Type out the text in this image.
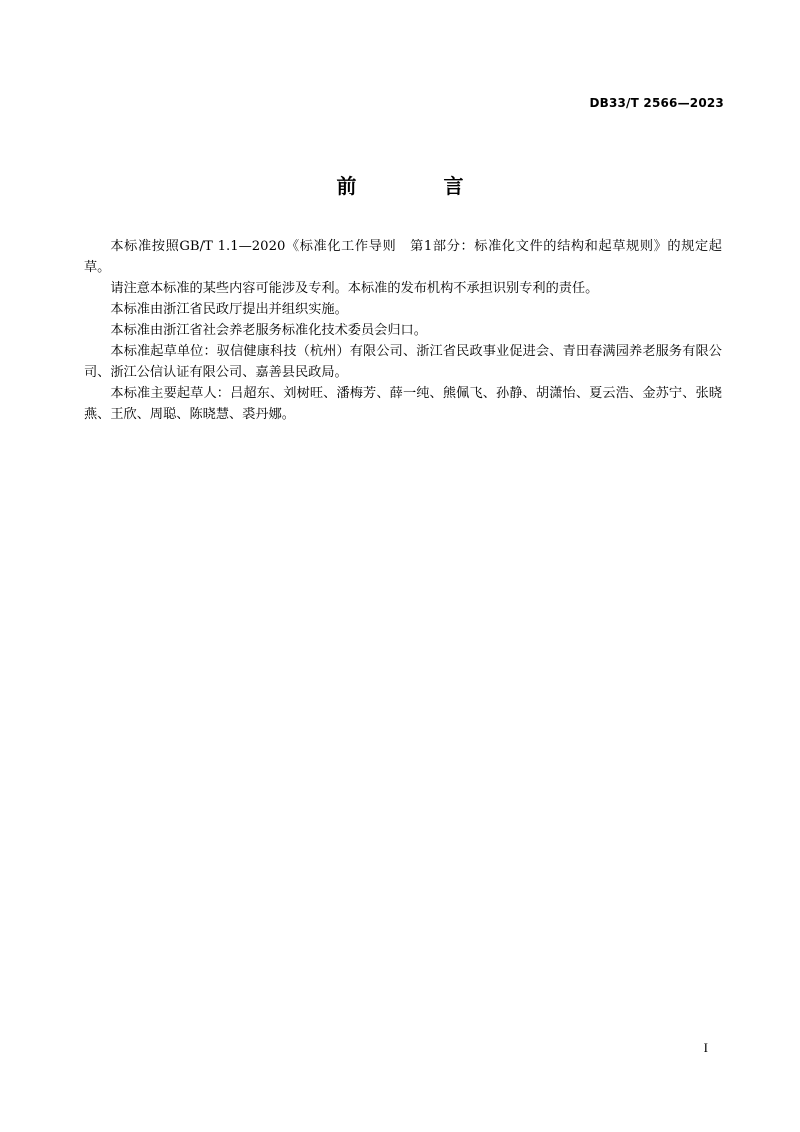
DB33/T 2566—2023
前 言

本标准按照GB/T 1.1—2020《标准化工作导则　第1部分：标准化文件的结构和起草规则》的规定起草。

请注意本标准的某些内容可能涉及专利。本标准的发布机构不承担识别专利的责任。

本标准由浙江省民政厅提出并组织实施。

本标准由浙江省社会养老服务标准化技术委员会归口。

本标准起草单位：驭信健康科技（杭州）有限公司、浙江省民政事业促进会、青田春满园养老服务有限公司、浙江公信认证有限公司、嘉善县民政局。

本标准主要起草人：吕超东、刘树旺、潘梅芳、薛一纯、熊佩飞、孙静、胡潇怡、夏云浩、金苏宁、张晓燕、王欣、周聪、陈晓慧、裘丹娜。

I
